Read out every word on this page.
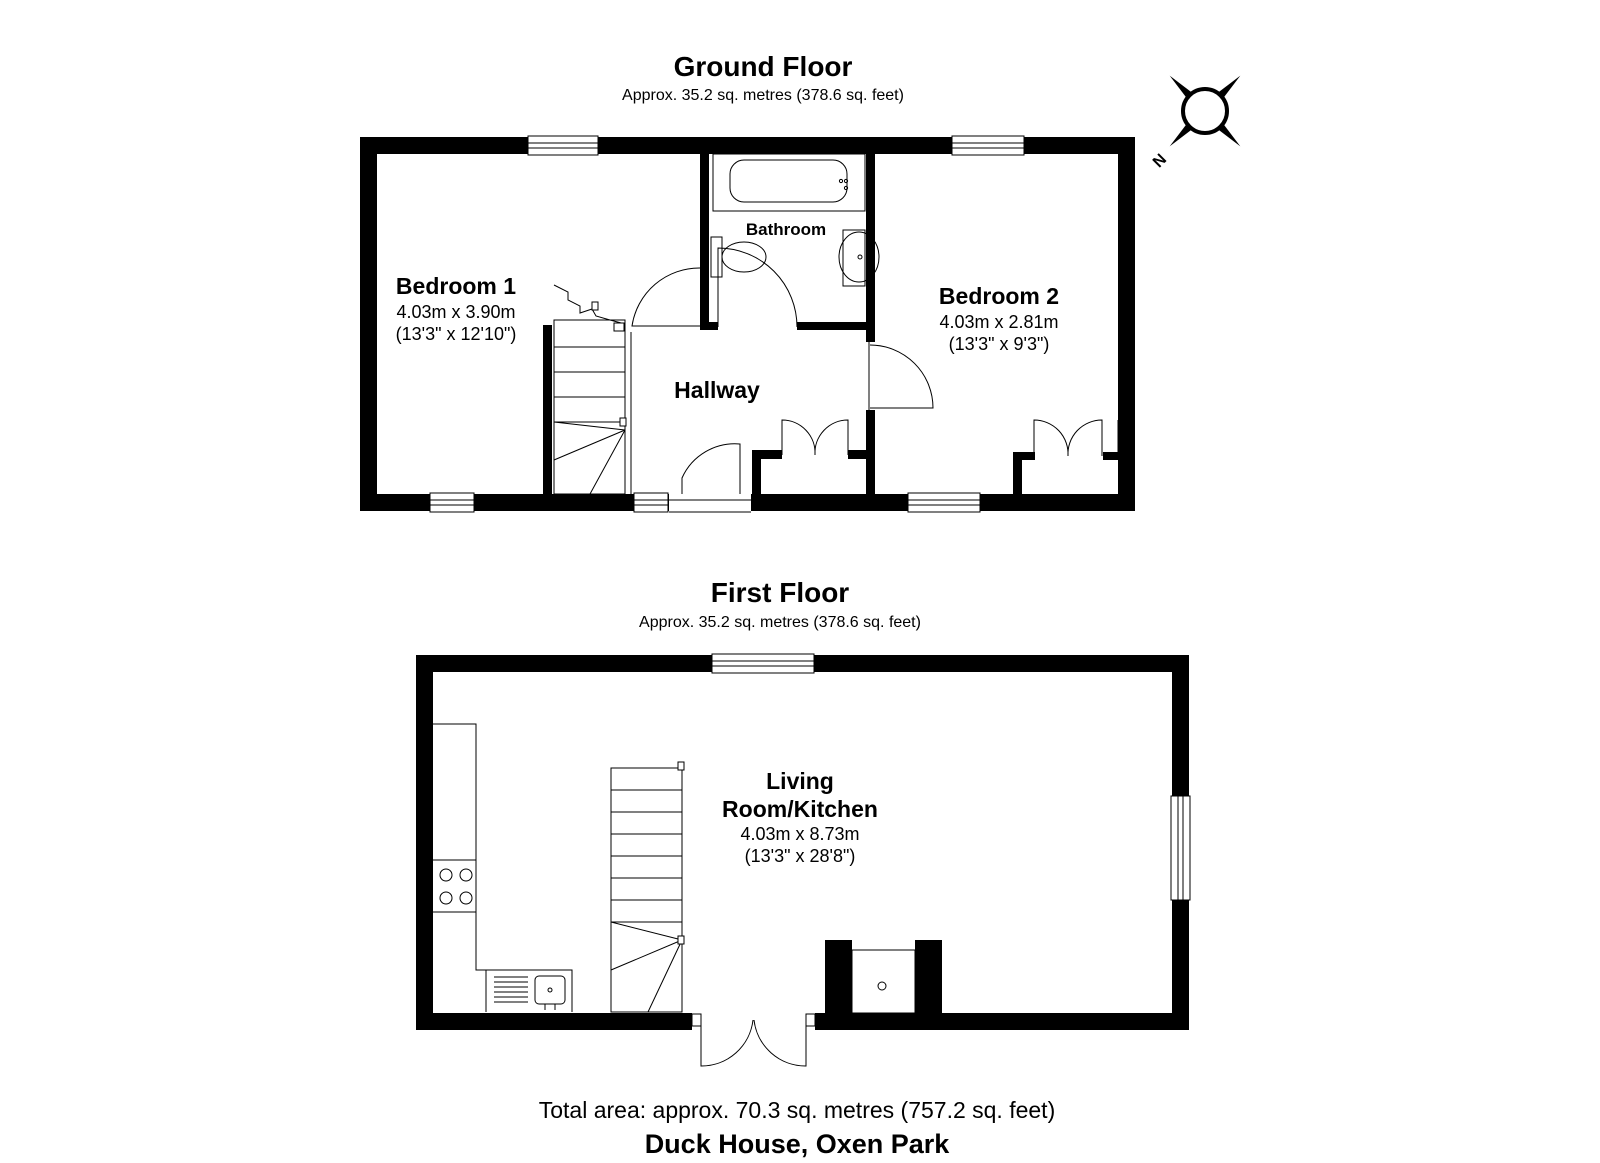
Ground Floor
Approx. 35.2 sq. metres (378.6 sq. feet)
Bathroom
Bedroom 1
4.03m x 3.90m
(13'3" x 12'10")
Bedroom 2
4.03m x 2.81m
(13'3" x 9'3")
Hallway
N
First Floor
Approx. 35.2 sq. metres (378.6 sq. feet)
Living
Room/Kitchen
4.03m x 8.73m
(13'3" x 28'8")
Total area: approx. 70.3 sq. metres (757.2 sq. feet)
Duck House, Oxen Park
